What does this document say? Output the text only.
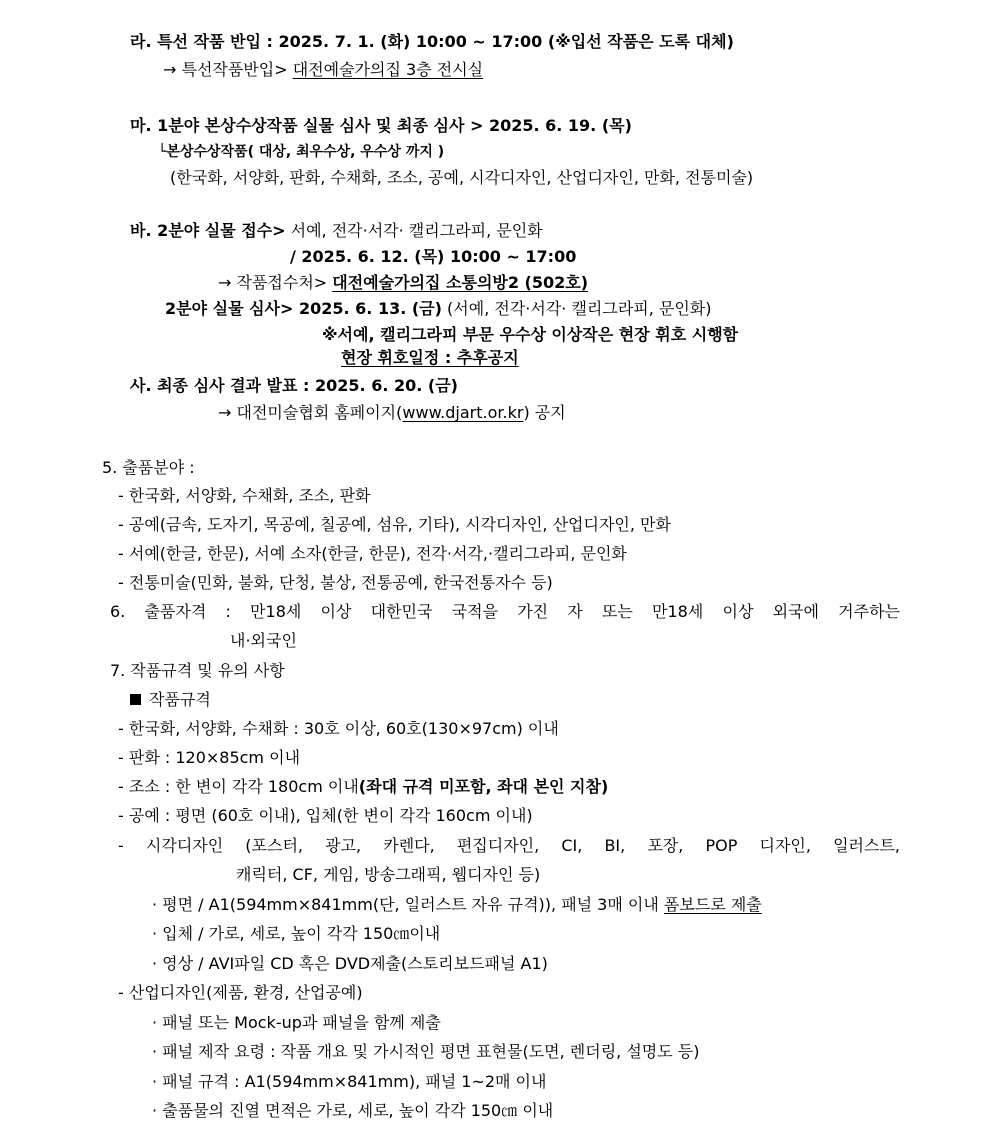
라. 특선 작품 반입 : 2025. 7. 1. (화) 10:00 ~ 17:00 (※입선 작품은 도록 대체)
→ 특선작품반입> 대전예술가의집 3층 전시실
마. 1분야 본상수상작품 실물 심사 및 최종 심사 > 2025. 6. 19. (목)
└본상수상작품( 대상, 최우수상, 우수상 까지 )
(한국화, 서양화, 판화, 수채화, 조소, 공예, 시각디자인, 산업디자인, 만화, 전통미술)
바. 2분야 실물 접수> 서예, 전각·서각· 캘리그라피, 문인화
/ 2025. 6. 12. (목) 10:00 ~ 17:00
→ 작품접수처> 대전예술가의집 소통의방2 (502호)
2분야 실물 심사> 2025. 6. 13. (금) (서예, 전각·서각· 캘리그라피, 문인화)
※서예, 캘리그라피 부문 우수상 이상작은 현장 휘호 시행함
현장 휘호일정 : 추후공지
사. 최종 심사 결과 발표 : 2025. 6. 20. (금)
→ 대전미술협회 홈페이지(www.djart.or.kr) 공지
5. 출품분야 :
- 한국화, 서양화, 수채화, 조소, 판화
- 공예(금속, 도자기, 목공예, 칠공예, 섬유, 기타), 시각디자인, 산업디자인, 만화
- 서예(한글, 한문), 서예 소자(한글, 한문), 전각·서각,·캘리그라피, 문인화
- 전통미술(민화, 불화, 단청, 불상, 전통공예, 한국전통자수 등)
6. 출품자격 : 만18세 이상 대한민국 국적을 가진 자 또는 만18세 이상 외국에 거주하는
내·외국인
7. 작품규격 및 유의 사항
작품규격
- 한국화, 서양화, 수채화 : 30호 이상, 60호(130×97cm) 이내
- 판화 : 120×85cm 이내
- 조소 : 한 변이 각각 180cm 이내(좌대 규격 미포함, 좌대 본인 지참)
- 공예 : 평면 (60호 이내), 입체(한 변이 각각 160cm 이내)
- 시각디자인 (포스터, 광고, 카렌다, 편집디자인, CI, BI, 포장, POP 디자인, 일러스트,
캐릭터, CF, 게임, 방송그래픽, 웹디자인 등)
· 평면 / A1(594mm×841mm(단, 일러스트 자유 규격)), 패널 3매 이내 폼보드로 제출
· 입체 / 가로, 세로, 높이 각각 150㎝이내
· 영상 / AVI파일 CD 혹은 DVD제출(스토리보드패널 A1)
- 산업디자인(제품, 환경, 산업공예)
· 패널 또는 Mock-up과 패널을 함께 제출
· 패널 제작 요령 : 작품 개요 및 가시적인 평면 표현물(도면, 렌더링, 설명도 등)
· 패널 규격 : A1(594mm×841mm), 패널 1~2매 이내
· 출품물의 진열 면적은 가로, 세로, 높이 각각 150㎝ 이내
